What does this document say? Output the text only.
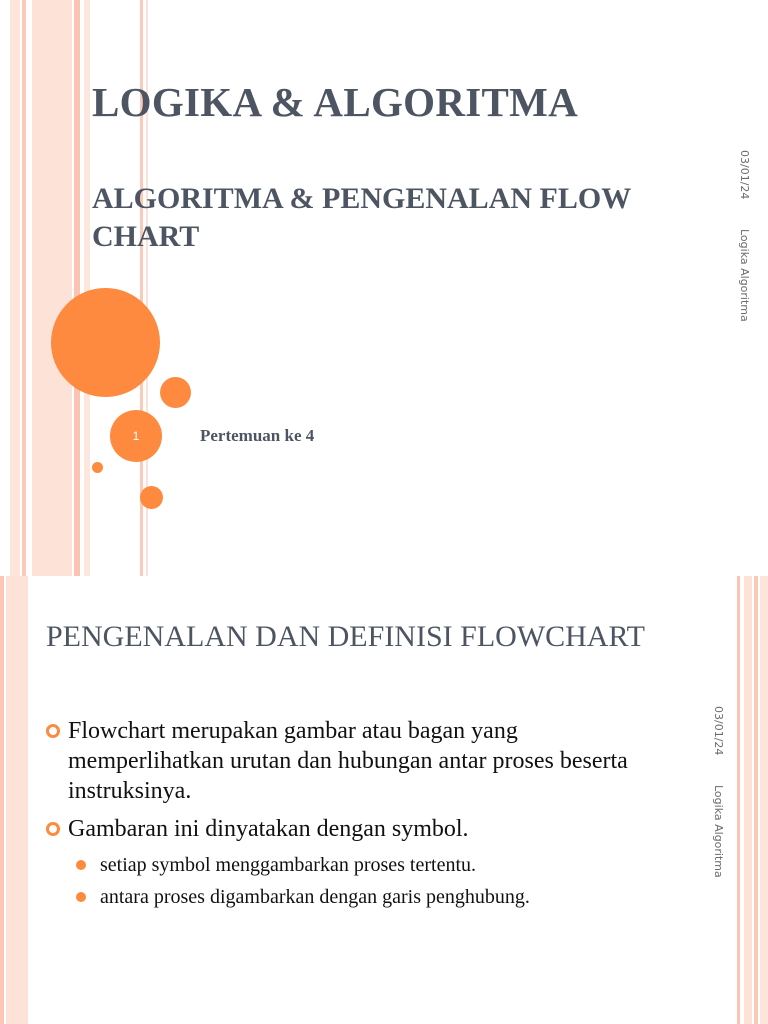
LOGIKA & ALGORITMA
ALGORITMA & PENGENALAN FLOW CHART
1	Pertemuan ke 4
03/01/24 Logika Algoritma
PENGENALAN DAN DEFINISI FLOWCHART
Flowchart merupakan gambar atau bagan yang memperlihatkan urutan dan hubungan antar proses beserta instruksinya.
Gambaran ini dinyatakan dengan symbol.
setiap symbol menggambarkan proses tertentu.
antara proses digambarkan dengan garis penghubung.
03/01/24 Logika Algoritma
